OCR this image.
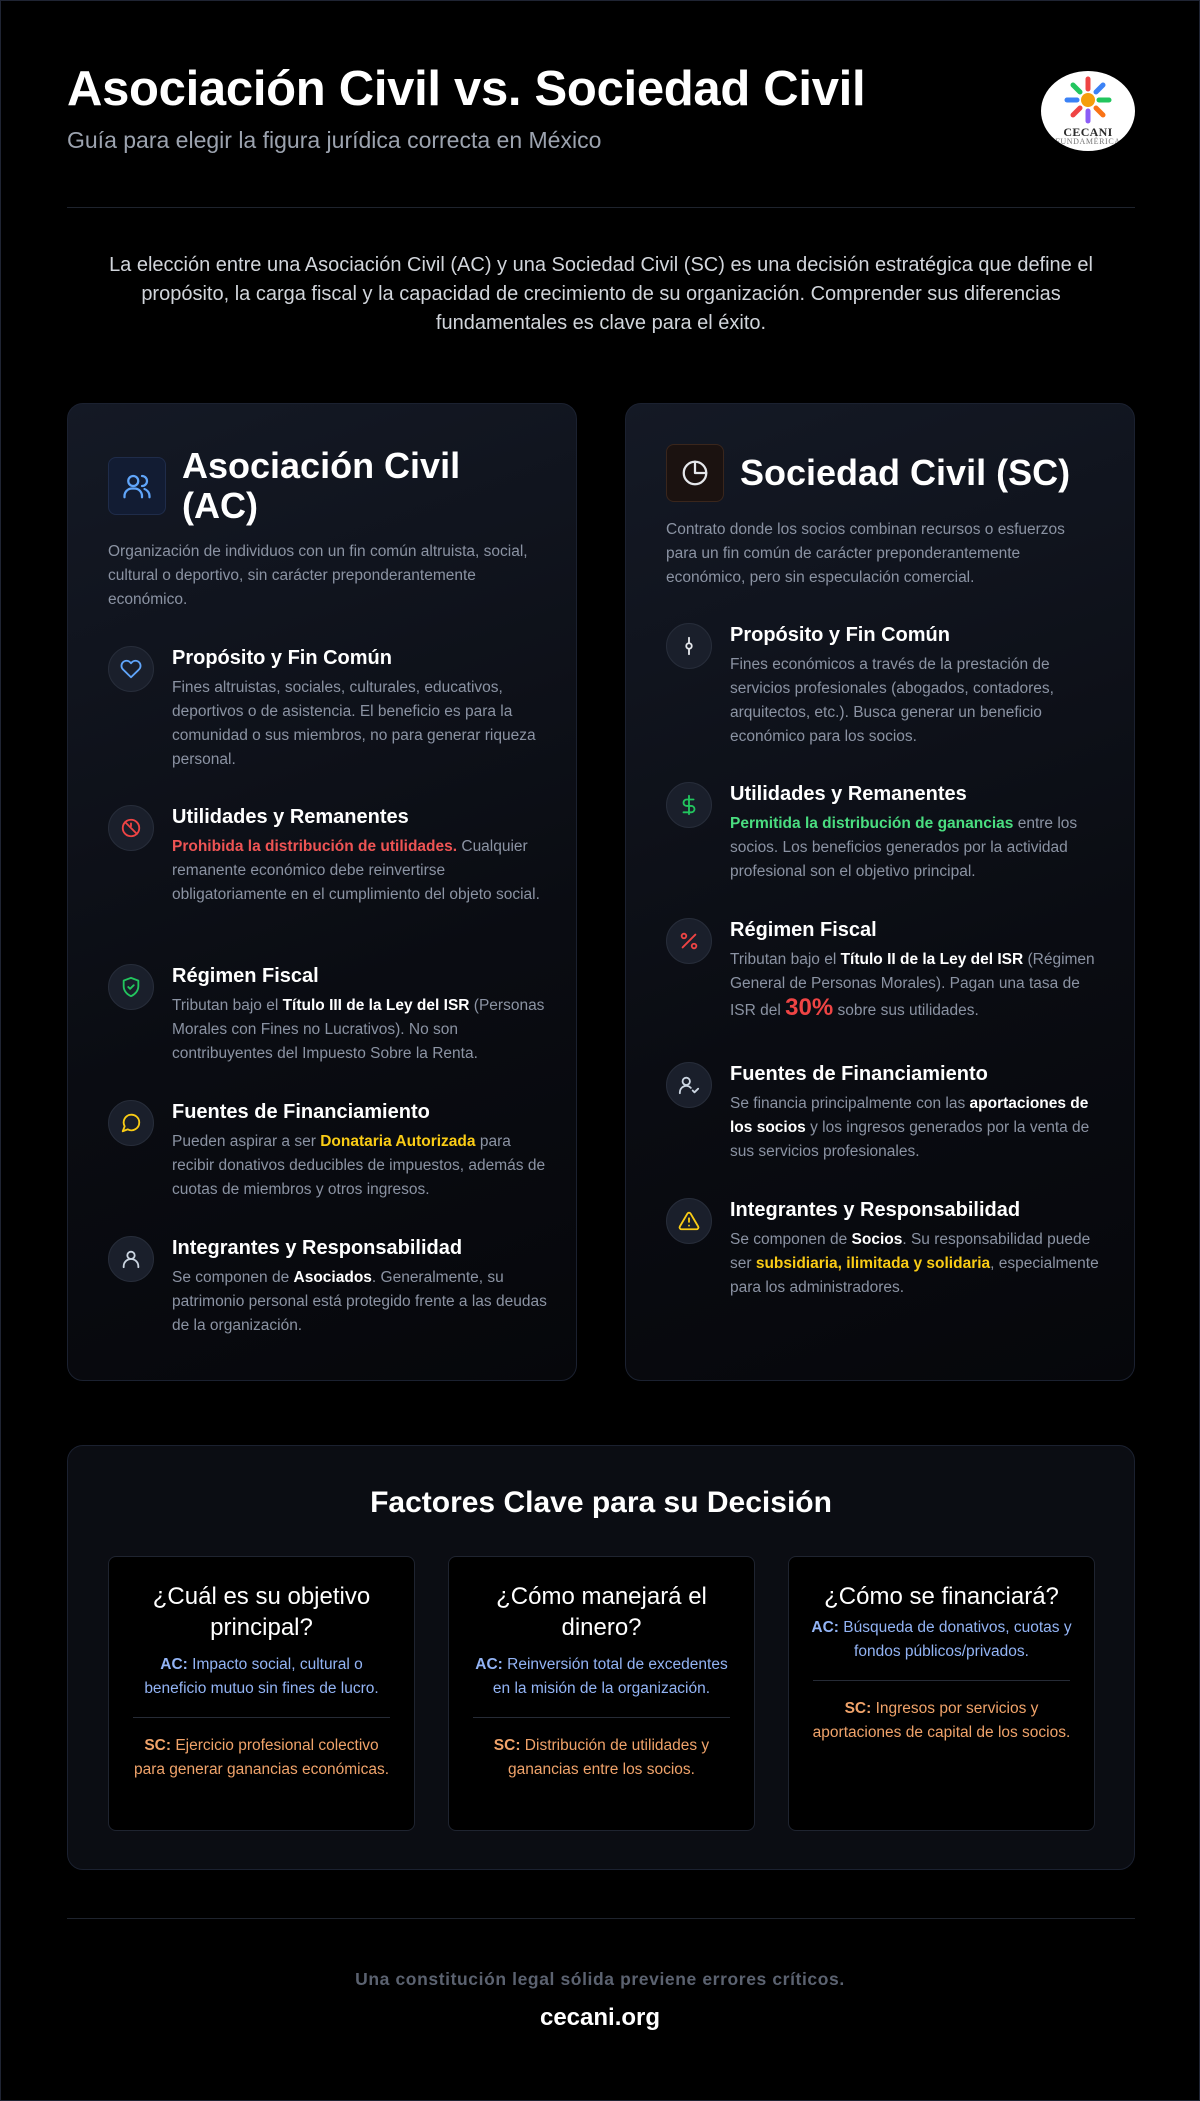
Asociación Civil vs. Sociedad Civil
Guía para elegir la figura jurídica correcta en México	CECANI
FUNDAMÉRICA

La elección entre una Asociación Civil (AC) y una Sociedad Civil (SC) es una decisión estratégica que define el propósito, la carga fiscal y la capacidad de crecimiento de su organización. Comprender sus diferencias fundamentales es clave para el éxito.

Asociación Civil (AC)

Organización de individuos con un fin común altruista, social, cultural o deportivo, sin carácter preponderantemente económico.

Propósito y Fin Común
Fines altruistas, sociales, culturales, educativos, deportivos o de asistencia. El beneficio es para la comunidad o sus miembros, no para generar riqueza personal.
Utilidades y Remanentes
Prohibida la distribución de utilidades. Cualquier remanente económico debe reinvertirse obligatoriamente en el cumplimiento del objeto social.
Régimen Fiscal
Tributan bajo el Título III de la Ley del ISR (Personas Morales con Fines no Lucrativos). No son contribuyentes del Impuesto Sobre la Renta.
Fuentes de Financiamiento
Pueden aspirar a ser Donataria Autorizada para recibir donativos deducibles de impuestos, además de cuotas de miembros y otros ingresos.
Integrantes y Responsabilidad
Se componen de Asociados. Generalmente, su patrimonio personal está protegido frente a las deudas de la organización.
Sociedad Civil (SC)

Contrato donde los socios combinan recursos o esfuerzos para un fin común de carácter preponderantemente económico, pero sin especulación comercial.

Propósito y Fin Común
Fines económicos a través de la prestación de servicios profesionales (abogados, contadores, arquitectos, etc.). Busca generar un beneficio económico para los socios.
Utilidades y Remanentes
Permitida la distribución de ganancias entre los socios. Los beneficios generados por la actividad profesional son el objetivo principal.
Régimen Fiscal
Tributan bajo el Título II de la Ley del ISR (Régimen General de Personas Morales). Pagan una tasa de ISR del 30% sobre sus utilidades.
Fuentes de Financiamiento
Se financia principalmente con las aportaciones de los socios y los ingresos generados por la venta de sus servicios profesionales.
Integrantes y Responsabilidad
Se componen de Socios. Su responsabilidad puede ser subsidiaria, ilimitada y solidaria, especialmente para los administradores.
Factores Clave para su Decisión
¿Cuál es su objetivo principal?
AC: Impacto social, cultural o beneficio mutuo sin fines de lucro.
SC: Ejercicio profesional colectivo para generar ganancias económicas.
¿Cómo manejará el dinero?
AC: Reinversión total de excedentes en la misión de la organización.
SC: Distribución de utilidades y ganancias entre los socios.
¿Cómo se financiará?
AC: Búsqueda de donativos, cuotas y fondos públicos/privados.
SC: Ingresos por servicios y aportaciones de capital de los socios.
Una constitución legal sólida previene errores críticos.
cecani.org
